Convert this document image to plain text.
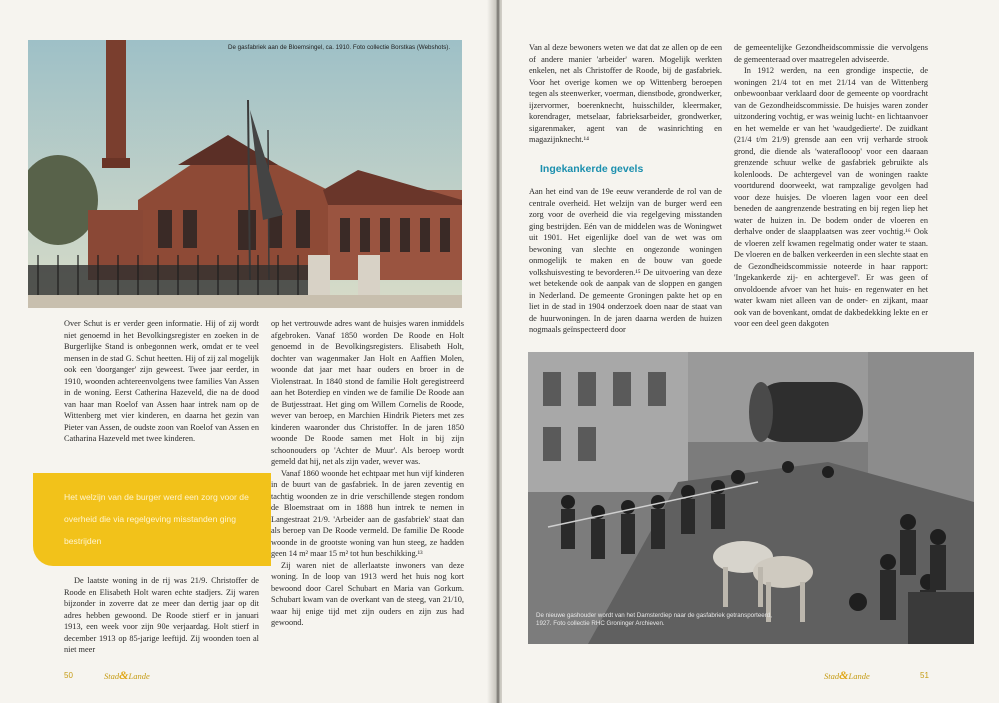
De gasfabriek aan de Bloemsingel, ca. 1910. Foto collectie Borstkas (Webshots).

Over Schut is er verder geen informatie. Hij of zij wordt niet genoemd in het Bevolkingsregister en zoeken in de Burgerlijke Stand is onbegonnen werk, omdat er te veel mensen in de stad G. Schut heetten. Hij of zij zal mogelijk ook een 'doorganger' zijn geweest. Twee jaar eerder, in 1910, woonden achtereenvolgens twee families Van Assen in de woning. Eerst Catherina Hazeveld, die na de dood van haar man Roelof van Assen haar intrek nam op de Wittenberg met vier kinderen, en daarna het gezin van Pieter van Assen, de oudste zoon van Roelof van Assen en Catharina Hazeveld met twee kinderen.

Het welzijn van de burger werd een zorg voor de overheid die via regelgeving misstanden ging bestrijden

De laatste woning in de rij was 21/9. Christoffer de Roode en Elisabeth Holt waren echte stadjers. Zij waren bijzonder in zoverre dat ze meer dan dertig jaar op dit adres hebben gewoond. De Roode stierf er in januari 1913, een week voor zijn 90e verjaardag. Holt stierf in december 1913 op 85-jarige leeftijd. Zij woonden toen al niet meer

op het vertrouwde adres want de huisjes waren inmiddels afgebroken. Vanaf 1850 worden De Roode en Holt genoemd in de Bevolkingsregisters. Elisabeth Holt, dochter van wagenmaker Jan Holt en Aaffien Molen, woonde dat jaar met haar ouders en broer in de Violenstraat. In 1840 stond de familie Holt geregistreerd aan het Boterdiep en vinden we de familie De Roode aan de Butjesstraat. Het ging om Willem Cornelis de Roode, wever van beroep, en Marchien Hindrik Pieters met zes kinderen waaronder dus Christoffer. In de jaren 1850 woonde De Roode samen met Holt in bij zijn schoonouders op 'Achter de Muur'. Als beroep wordt gemeld dat hij, net als zijn vader, wever was.

Vanaf 1860 woonde het echtpaar met hun vijf kinderen in de buurt van de gasfabriek. In de jaren zeventig en tachtig woonden ze in drie verschillende stegen rondom de Bloemstraat om in 1888 hun intrek te nemen in Langestraat 21/9. 'Arbeider aan de gasfabriek' staat dan als beroep van De Roode vermeld. De familie De Roode woonde in de grootste woning van hun steeg, ze hadden geen 14 m² maar 15 m² tot hun beschikking.¹³

Zij waren niet de allerlaatste inwoners van deze woning. In de loop van 1913 werd het huis nog kort bewoond door Carel Schubart en Maria van Gorkum. Schubart kwam van de overkant van de steeg, van 21/10, waar hij enige tijd met zijn ouders en zijn zus had gewoond.

50	Stad&Lande

Van al deze bewoners weten we dat dat ze allen op de een of andere manier 'arbeider' waren. Mogelijk werkten enkelen, net als Christoffer de Roode, bij de gasfabriek. Voor het overige komen we op Wittenberg beroepen tegen als steenwerker, voerman, dienstbode, grondwerker, ijzervormer, boerenknecht, huisschilder, kleermaker, korendrager, metselaar, fabrieksarbeider, grondwerker, sigarenmaker, agent van de wasinrichting en magazijnknecht.¹⁴

Aan het eind van de 19e eeuw veranderde de rol van de centrale overheid. Het welzijn van de burger werd een zorg voor de overheid die via regelgeving misstanden ging bestrijden. Eén van de middelen was de Woningwet uit 1901. Het eigenlijke doel van de wet was om bewoning van slechte en ongezonde woningen onmogelijk te maken en de bouw van goede volkshuisvesting te bevorderen.¹⁵ De uitvoering van deze wet betekende ook de aanpak van de sloppen en gangen in Nederland. De gemeente Groningen pakte het op en liet in de stad in 1904 onderzoek doen naar de staat van de huurwoningen. In de jaren daarna werden de huizen nogmaals geïnspecteerd door

de gemeentelijke Gezondheidscommissie die vervolgens de gemeenteraad over maatregelen adviseerde.

In 1912 werden, na een grondige inspectie, de woningen 21/4 tot en met 21/14 van de Wittenberg onbewoonbaar verklaard door de gemeente op voordracht van de Gezondheidscommissie. De huisjes waren zonder uitzondering vochtig, er was weinig lucht- en lichtaanvoer en het wemelde er van het 'waudgedierte'. De zuidkant (21/4 t/m 21/9) grensde aan een vrij verharde strook grond, die diende als 'wateraflooop' voor een daaraan grenzende schuur welke de gasfabriek gebruikte als kolenloods. De achtergevel van de woningen raakte voortdurend doorweekt, wat rampzalige gevolgen had voor deze huisjes. De vloeren lagen voor een deel beneden de aangrenzende bestrating en bij regen liep het water de huizen in. De bodem onder de vloeren en derhalve onder de slaapplaatsen was zeer vochtig.¹⁶ Ook de vloeren zelf kwamen regelmatig onder water te staan. De vloeren en de balken verkeerden in een slechte staat en de Gezondheidscommissie noteerde in haar rapport: 'Ingekankerde zij- en achtergevel'. Er was geen of onvoldoende afvoer van het huis- en regenwater en het water kwam niet alleen van de onder- en zijkant, maar ook van de bovenkant, omdat de dakbedekking lekte en er voor een deel geen dakgoten

De nieuwe gashouder wordt van het Damsterdiep naar de gasfabriek getransporteerd, 1927. Foto collectie RHC Groninger Archieven.
Stad&Lande	51
Ingekankerde gevels
